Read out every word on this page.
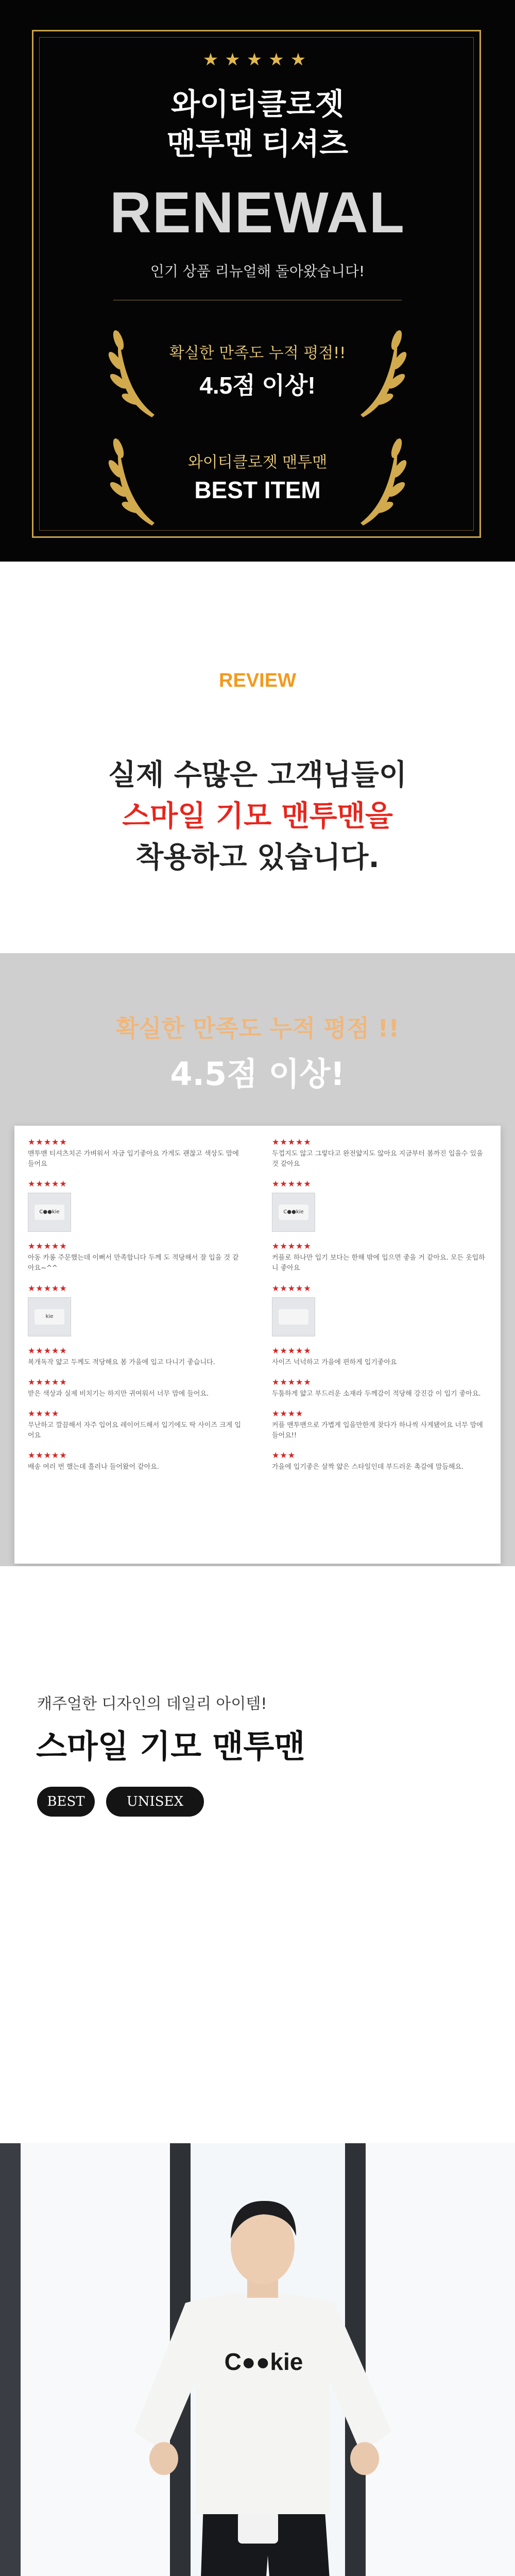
★★★★★
와이티클로젯
맨투맨 티셔츠
RENEWAL
인기 상품 리뉴얼해 돌아왔습니다!
확실한 만족도 누적 평점!!
4.5점 이상!
와이티클로젯 맨투맨
BEST ITEM
REVIEW
실제 수많은 고객님들이
스마일 기모 맨투맨을
착용하고 있습니다.
확실한 만족도 누적 평점 !!
4.5점 이상!
★★★★★
맨투맨 티셔츠치곤 가벼워서 자금 입기좋아요 가게도 괜찮고 색상도 맘에 들어요
★★★★★
C●●kie
★★★★★
아동 카롱 주문했는데 이뻐서 만족합니다 두께 도 적당해서 잘 입을 것 같아요~^^
★★★★★
kie
★★★★★
복개독작 얇고 두께도 적당해요 봄 가을에 입고 다니기 좋습니다.
★★★★★
받은 색상과 실제 비치기는 하지만 귀여워서 너무 맘에 들어요.
★★★★
무난하고 깔끔해서 자주 입어요 레이어드해서 입기에도 딱 사이즈 크게 입어요
★★★★★
배송 여러 번 했는데 흘러나 들어왔어 같아요.
★★★★★
두껍지도 않고 그렇다고 완전얇지도 않아요 지금부터 봄까진 입을수 있을것 같아요
★★★★★
C●●kie
★★★★★
커플로 하나만 입기 보다는 한해 밖에 입으면 좋을 거 같아요. 모든 옷입하니 좋아요
★★★★★
★★★★★
사이즈 넉넉하고 가을에 편하게 입기좋아요
★★★★★
두툼하게 얇고 부드러운 소재라 두께감이 적당해 강진감 이 입기 좋아요.
★★★★
커플 맨투맨으로 가볍게 입을만한게 찾다가 하나씩 사게됐어요 너무 맘에들어요!!
★★★
가을에 입기좋은 살짝 얇은 스타일인데 부드러운 촉감에 맘듬해요.
캐주얼한 디자인의 데일리 아이템!
스마일 기모 맨투맨
BEST	UNISEX
C●●kie
